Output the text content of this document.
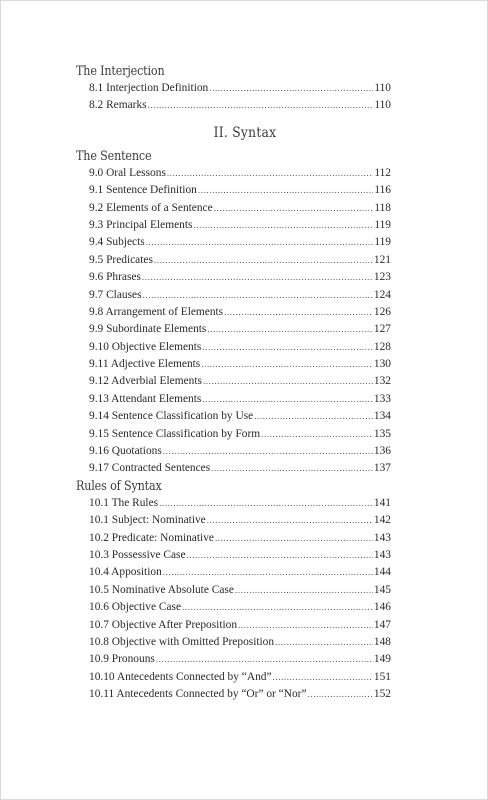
The Interjection
8.1 Interjection Definition .....	110
8.2 Remarks .....	110
II. Syntax
The Sentence
9.0 Oral Lessons .....	112
9.1 Sentence Definition .....	116
9.2 Elements of a Sentence .....	118
9.3 Principal Elements .....	119
9.4 Subjects .....	119
9.5 Predicates .....	121
9.6 Phrases .....	123
9.7 Clauses .....	124
9.8 Arrangement of Elements .....	126
9.9 Subordinate Elements .....	127
9.10 Objective Elements .....	128
9.11 Adjective Elements .....	130
9.12 Adverbial Elements .....	132
9.13 Attendant Elements .....	133
9.14 Sentence Classification by Use .....	134
9.15 Sentence Classification by Form .....	135
9.16 Quotations .....	136
9.17 Contracted Sentences .....	137
Rules of Syntax
10.1 The Rules .....	141
10.1 Subject: Nominative .....	142
10.2 Predicate: Nominative .....	143
10.3 Possessive Case .....	143
10.4 Apposition .....	144
10.5 Nominative Absolute Case .....	145
10.6 Objective Case .....	146
10.7 Objective After Preposition .....	147
10.8 Objective with Omitted Preposition .....	148
10.9 Pronouns .....	149
10.10 Antecedents Connected by “And” .....	151
10.11 Antecedents Connected by “Or” or “Nor” .....	152
